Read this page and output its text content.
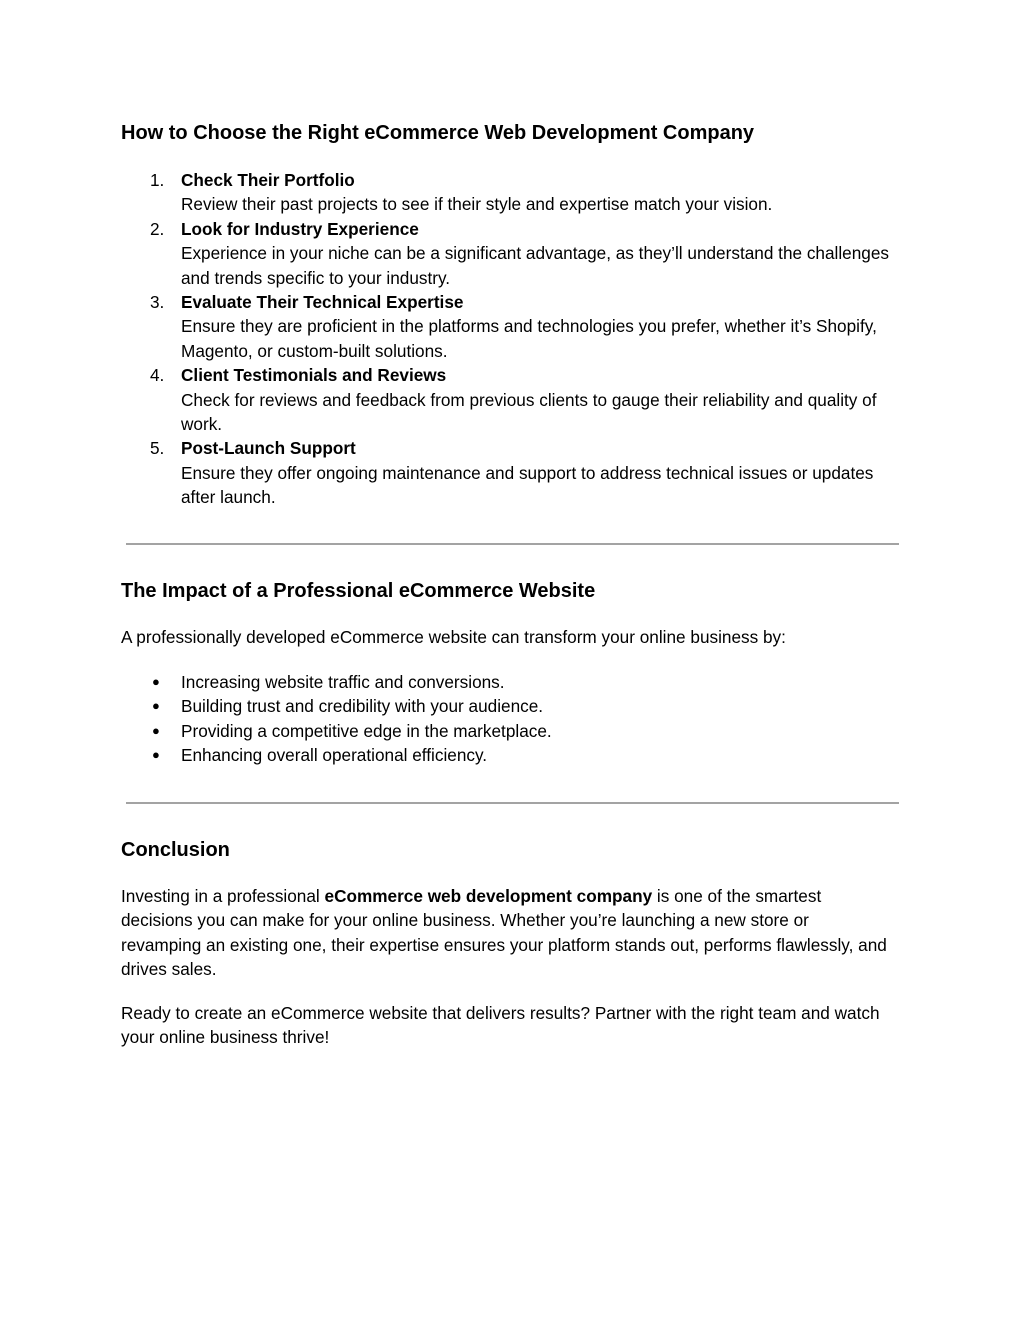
How to Choose the Right eCommerce Web Development Company
1. Check Their Portfolio
Review their past projects to see if their style and expertise match your vision.
2. Look for Industry Experience
Experience in your niche can be a significant advantage, as they’ll understand the challenges and trends specific to your industry.
3. Evaluate Their Technical Expertise
Ensure they are proficient in the platforms and technologies you prefer, whether it’s Shopify, Magento, or custom-built solutions.
4. Client Testimonials and Reviews
Check for reviews and feedback from previous clients to gauge their reliability and quality of work.
5. Post-Launch Support
Ensure they offer ongoing maintenance and support to address technical issues or updates after launch.
The Impact of a Professional eCommerce Website

A professionally developed eCommerce website can transform your online business by:

● Increasing website traffic and conversions.
● Building trust and credibility with your audience.
● Providing a competitive edge in the marketplace.
● Enhancing overall operational efficiency.
Conclusion

Investing in a professional eCommerce web development company is one of the smartest decisions you can make for your online business. Whether you’re launching a new store or revamping an existing one, their expertise ensures your platform stands out, performs flawlessly, and drives sales.

Ready to create an eCommerce website that delivers results? Partner with the right team and watch your online business thrive!
